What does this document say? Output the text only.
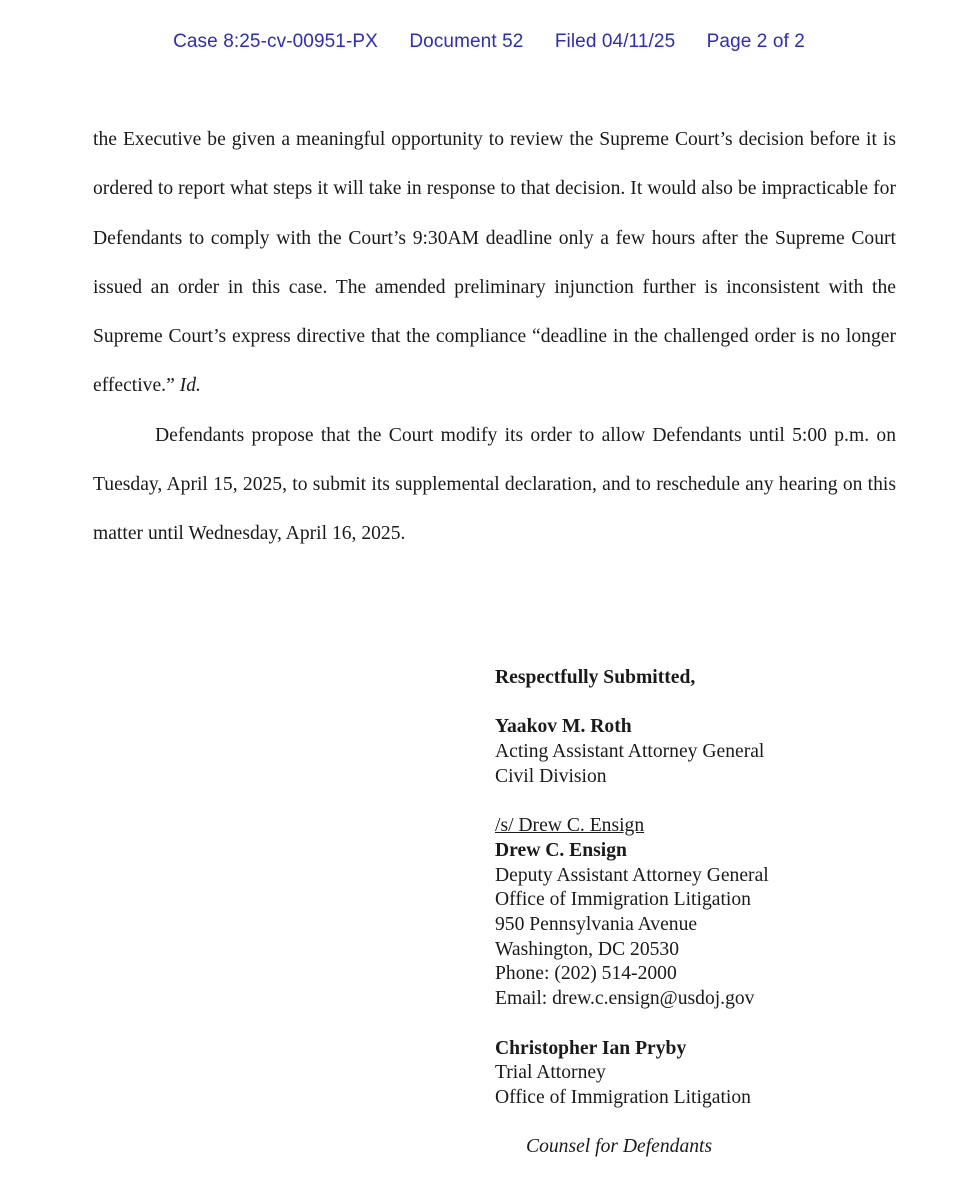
Case 8:25-cv-00951-PX Document 52 Filed 04/11/25 Page 2 of 2

the Executive be given a meaningful opportunity to review the Supreme Court’s decision before it is ordered to report what steps it will take in response to that decision. It would also be impracticable for Defendants to comply with the Court’s 9:30AM deadline only a few hours after the Supreme Court issued an order in this case. The amended preliminary injunction further is inconsistent with the Supreme Court’s express directive that the compliance “deadline in the challenged order is no longer effective.” Id.

Defendants propose that the Court modify its order to allow Defendants until 5:00 p.m. on Tuesday, April 15, 2025, to submit its supplemental declaration, and to reschedule any hearing on this matter until Wednesday, April 16, 2025.

Respectfully Submitted,
Yaakov M. Roth
Acting Assistant Attorney General
Civil Division
/s/ Drew C. Ensign
Drew C. Ensign
Deputy Assistant Attorney General
Office of Immigration Litigation
950 Pennsylvania Avenue
Washington, DC 20530
Phone: (202) 514-2000
Email: drew.c.ensign@usdoj.gov
Christopher Ian Pryby
Trial Attorney
Office of Immigration Litigation
Counsel for Defendants
